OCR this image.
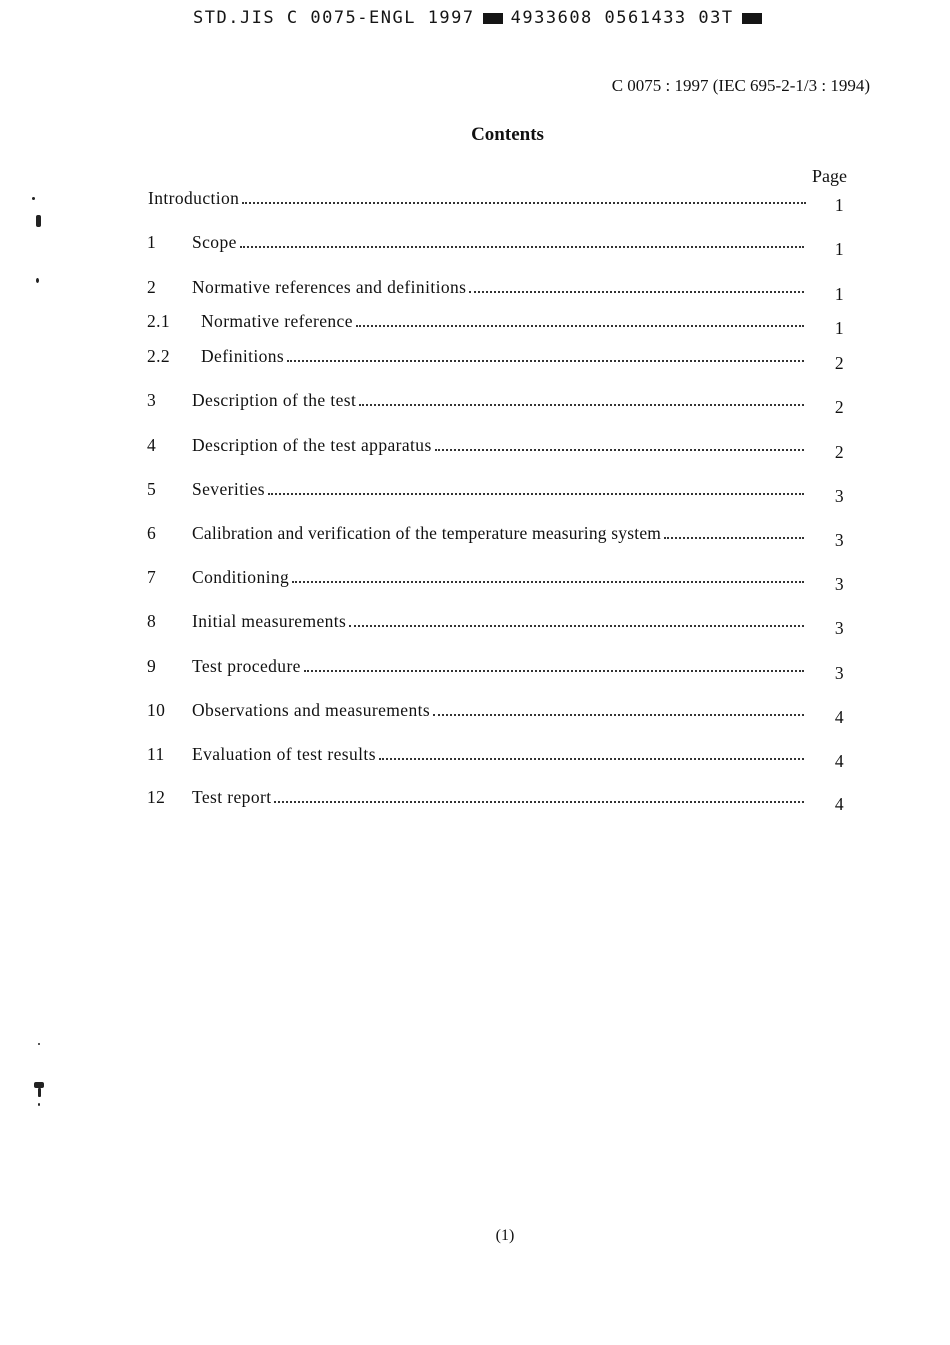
STD.JIS C 0075-ENGL 1997 4933608 0561433 03T
C 0075 : 1997 (IEC 695-2-1/3 : 1994)
Contents
Page
Introduction	1
1 Scope	1
2 Normative references and definitions	1
2.1 Normative reference	1
2.2 Definitions	2
3 Description of the test	2
4 Description of the test apparatus	2
5 Severities	3
6 Calibration and verification of the temperature measuring system	3
7 Conditioning	3
8 Initial measurements	3
9 Test procedure	3
10 Observations and measurements	4
11 Evaluation of test results	4
12 Test report	4
(1)
